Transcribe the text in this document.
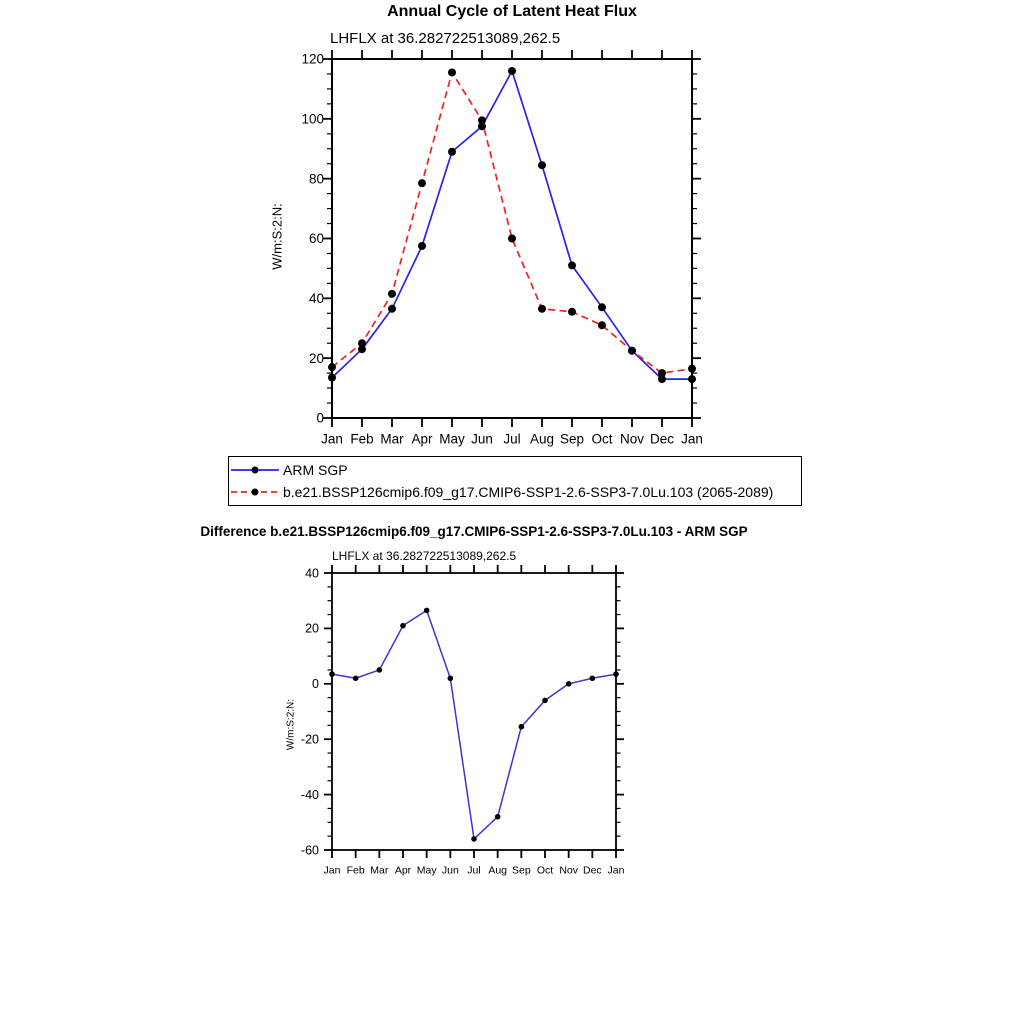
Annual Cycle of Latent Heat Flux
LHFLX at 36.282722513089,262.5
W/m:S:2:N:
0
20
40
60
80
100
120
Jan Feb Mar Apr May Jun Jul Aug Sep Oct Nov Dec Jan
-60
-40
-20
0
20
40
Jan Feb Mar Apr May Jun Jul Aug Sep Oct Nov Dec Jan
ARM SGP
b.e21.BSSP126cmip6.f09_g17.CMIP6-SSP1-2.6-SSP3-7.0Lu.103 (2065-2089)
Difference b.e21.BSSP126cmip6.f09_g17.CMIP6-SSP1-2.6-SSP3-7.0Lu.103 - ARM SGP
LHFLX at 36.282722513089,262.5
W/m:S:2:N:
